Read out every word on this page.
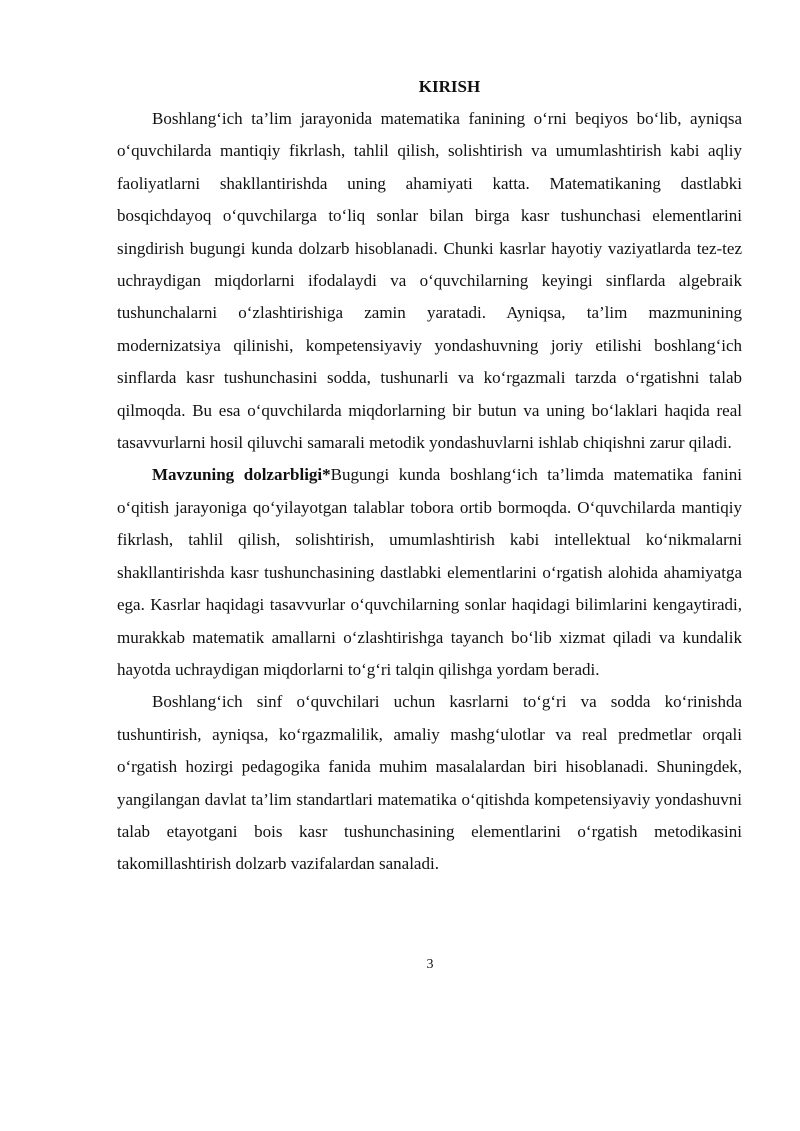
KIRISH

Boshlang‘ich ta’lim jarayonida matematika fanining o‘rni beqiyos bo‘lib, ayniqsa o‘quvchilarda mantiqiy fikrlash, tahlil qilish, solishtirish va umumlashtirish kabi aqliy faoliyatlarni shakllantirishda uning ahamiyati katta. Matematikaning dastlabki bosqichdayoq o‘quvchilarga to‘liq sonlar bilan birga kasr tushunchasi elementlarini singdirish bugungi kunda dolzarb hisoblanadi. Chunki kasrlar hayotiy vaziyatlarda tez-tez uchraydigan miqdorlarni ifodalaydi va o‘quvchilarning keyingi sinflarda algebraik tushunchalarni o‘zlashtirishiga zamin yaratadi. Ayniqsa, ta’lim mazmunining modernizatsiya qilinishi, kompetensiyaviy yondashuvning joriy etilishi boshlang‘ich sinflarda kasr tushunchasini sodda, tushunarli va ko‘rgazmali tarzda o‘rgatishni talab qilmoqda. Bu esa o‘quvchilarda miqdorlarning bir butun va uning bo‘laklari haqida real tasavvurlarni hosil qiluvchi samarali metodik yondashuvlarni ishlab chiqishni zarur qiladi.

Mavzuning dolzarbligi*Bugungi kunda boshlang‘ich ta’limda matematika fanini o‘qitish jarayoniga qo‘yilayotgan talablar tobora ortib bormoqda. O‘quvchilarda mantiqiy fikrlash, tahlil qilish, solishtirish, umumlashtirish kabi intellektual ko‘nikmalarni shakllantirishda kasr tushunchasining dastlabki elementlarini o‘rgatish alohida ahamiyatga ega. Kasrlar haqidagi tasavvurlar o‘quvchilarning sonlar haqidagi bilimlarini kengaytiradi, murakkab matematik amallarni o‘zlashtirishga tayanch bo‘lib xizmat qiladi va kundalik hayotda uchraydigan miqdorlarni to‘g‘ri talqin qilishga yordam beradi.

Boshlang‘ich sinf o‘quvchilari uchun kasrlarni to‘g‘ri va sodda ko‘rinishda tushuntirish, ayniqsa, ko‘rgazmalilik, amaliy mashg‘ulotlar va real predmetlar orqali o‘rgatish hozirgi pedagogika fanida muhim masalalardan biri hisoblanadi. Shuningdek, yangilangan davlat ta’lim standartlari matematika o‘qitishda kompetensiyaviy yondashuvni talab etayotgani bois kasr tushunchasining elementlarini o‘rgatish metodikasini takomillashtirish dolzarb vazifalardan sanaladi.

3
